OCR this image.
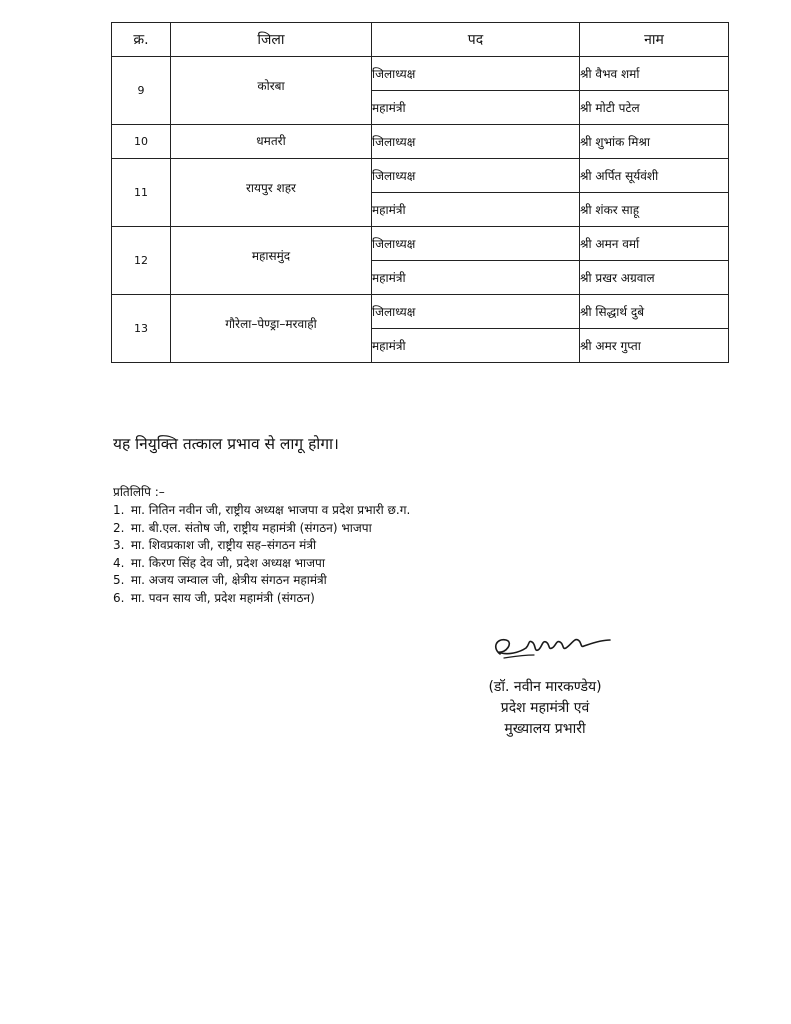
क्र.	जिला	पद	नाम
9	कोरबा	जिलाध्यक्ष	श्री वैभव शर्मा
		महामंत्री	श्री मोटी पटेल
10	धमतरी	जिलाध्यक्ष	श्री शुभांक मिश्रा
11	रायपुर शहर	जिलाध्यक्ष	श्री अर्पित सूर्यवंशी
		महामंत्री	श्री शंकर साहू
12	महासमुंद	जिलाध्यक्ष	श्री अमन वर्मा
		महामंत्री	श्री प्रखर अग्रवाल
13	गौरेला–पेण्ड्रा–मरवाही	जिलाध्यक्ष	श्री सिद्धार्थ दुबे
		महामंत्री	श्री अमर गुप्ता

यह नियुक्ति तत्काल प्रभाव से लागू होगा।

प्रतिलिपि :–
1. मा. नितिन नवीन जी, राष्ट्रीय अध्यक्ष भाजपा व प्रदेश प्रभारी छ.ग.
2. मा. बी.एल. संतोष जी, राष्ट्रीय महामंत्री (संगठन) भाजपा
3. मा. शिवप्रकाश जी, राष्ट्रीय सह–संगठन मंत्री
4. मा. किरण सिंह देव जी, प्रदेश अध्यक्ष भाजपा
5. मा. अजय जम्वाल जी, क्षेत्रीय संगठन महामंत्री
6. मा. पवन साय जी, प्रदेश महामंत्री (संगठन)
(डॉ. नवीन मारकण्डेय)
प्रदेश महामंत्री एवं
मुख्यालय प्रभारी
